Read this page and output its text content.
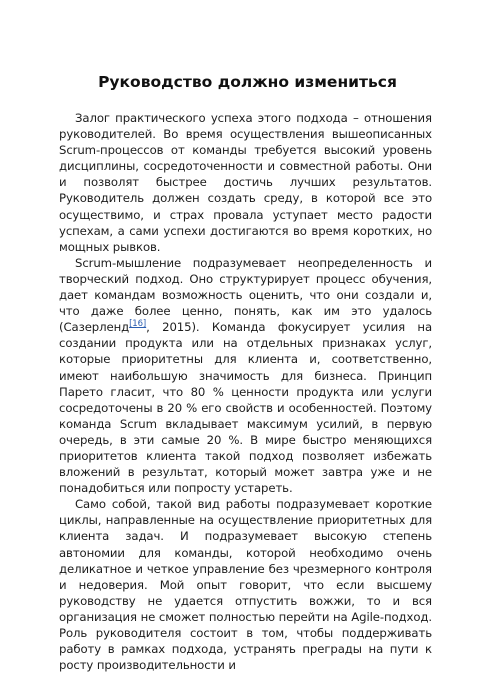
Руководство должно измениться

Залог практического успеха этого подхода – отношения руководителей. Во время осуществления вышеописанных Scrum-процессов от команды требуется высокий уровень дисциплины, сосредоточенности и совместной работы. Они и позволят быстрее достичь лучших результатов. Руководитель должен создать среду, в которой все это осуществимо, и страх провала уступает место радости успехам, а сами успехи достигаются во время коротких, но мощных рывков.

Scrum-мышление подразумевает неопределенность и творческий подход. Оно структурирует процесс обучения, дает командам возможность оценить, что они создали и, что даже более ценно, понять, как им это удалось (Сазерленд[16], 2015). Команда фокусирует усилия на создании продукта или на отдельных признаках услуг, которые приоритетны для клиента и, соответственно, имеют наибольшую значимость для бизнеса. Принцип Парето гласит, что 80 % ценности продукта или услуги сосредоточены в 20 % его свойств и особенностей. Поэтому команда Scrum вкладывает максимум усилий, в первую очередь, в эти самые 20 %. В мире быстро меняющихся приоритетов клиента такой подход позволяет избежать вложений в результат, который может завтра уже и не понадобиться или попросту устареть.

Само собой, такой вид работы подразумевает короткие циклы, направленные на осуществление приоритетных для клиента задач. И подразумевает высокую степень автономии для команды, которой необходимо очень деликатное и четкое управление без чрезмерного контроля и недоверия. Мой опыт говорит, что если высшему руководству не удается отпустить вожжи, то и вся организация не сможет полностью перейти на Agile-подход. Роль руководителя состоит в том, чтобы поддерживать работу в рамках подхода, устранять преграды на пути к росту производительности и
